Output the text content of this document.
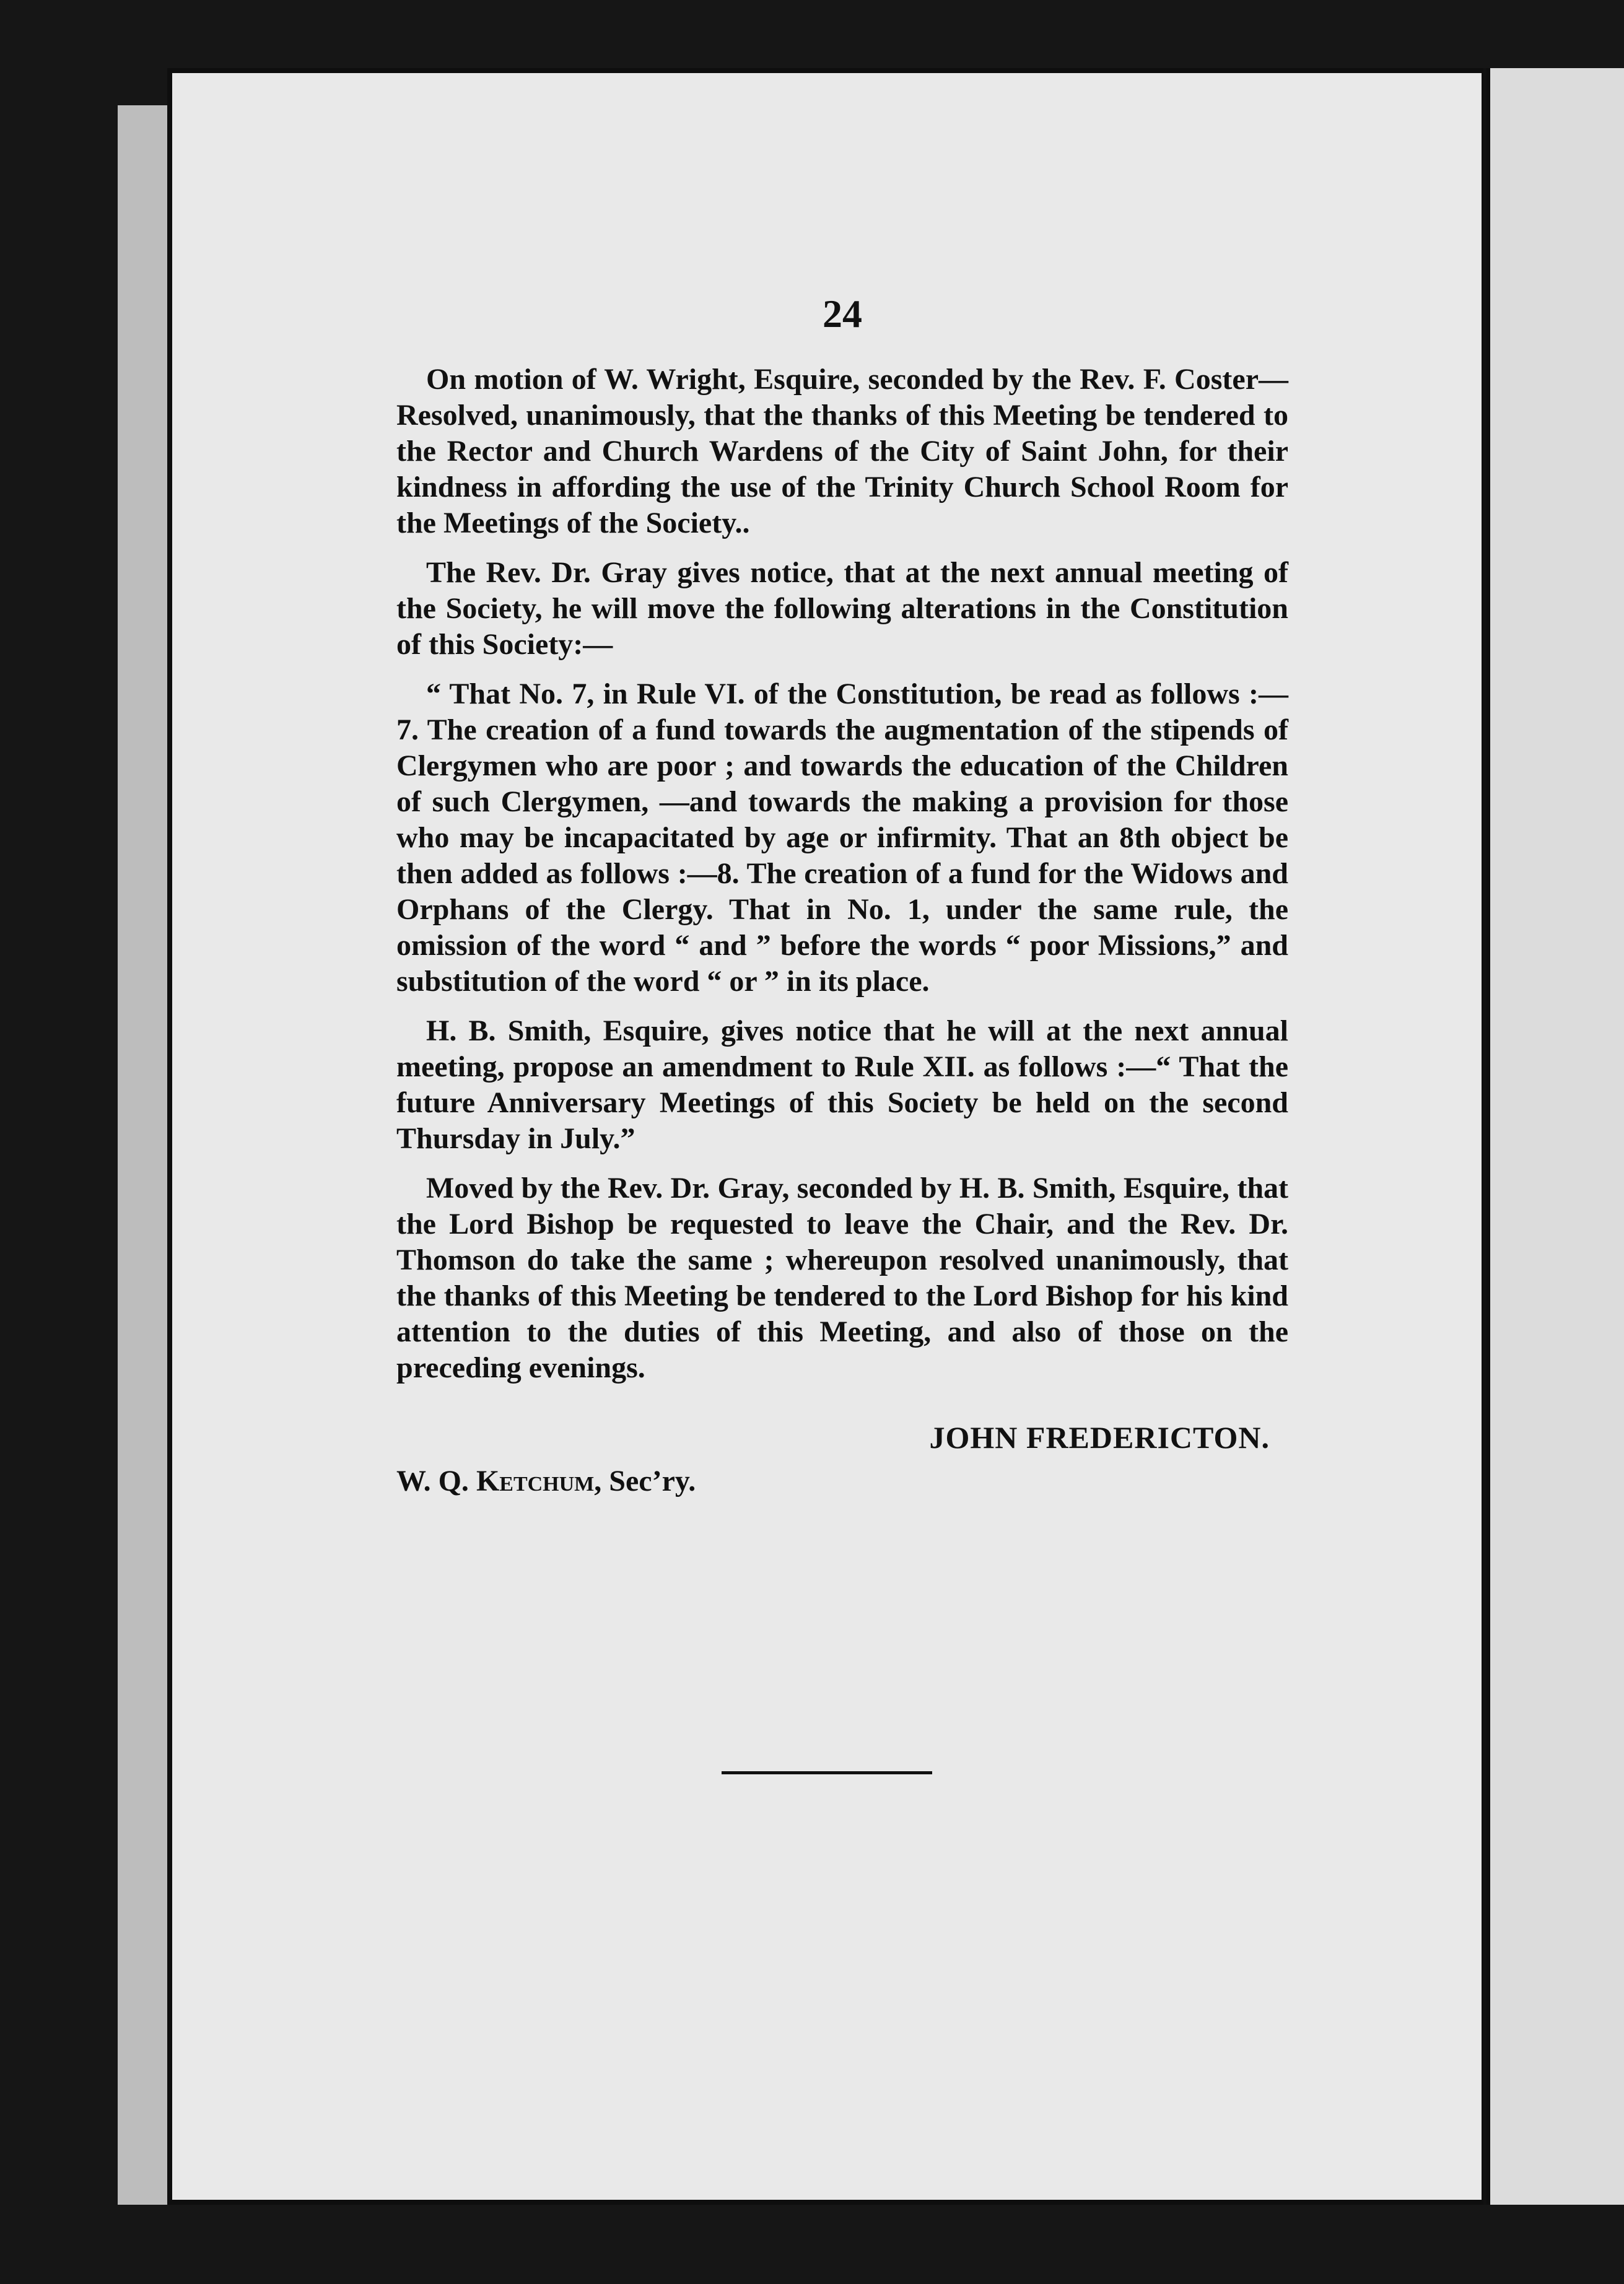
24

On motion of W. Wright, Esquire, seconded by the Rev. F. Coster—Resolved, unanimously, that the thanks of this Meeting be tendered to the Rector and Church Wardens of the City of Saint John, for their kindness in affording the use of the Trinity Church School Room for the Meetings of the Society..

The Rev. Dr. Gray gives notice, that at the next annual meeting of the Society, he will move the following alterations in the Constitution of this Society:—

“ That No. 7, in Rule VI. of the Constitution, be read as follows :—7. The creation of a fund towards the augmentation of the stipends of Clergymen who are poor ; and towards the education of the Children of such Clergymen, —and towards the making a provision for those who may be incapacitated by age or infirmity. That an 8th object be then added as follows :—8. The creation of a fund for the Widows and Orphans of the Clergy. That in No. 1, under the same rule, the omission of the word “ and ” before the words “ poor Missions,” and substitution of the word “ or ” in its place.

H. B. Smith, Esquire, gives notice that he will at the next annual meeting, propose an amendment to Rule XII. as follows :—“ That the future Anniversary Meetings of this Society be held on the second Thursday in July.”

Moved by the Rev. Dr. Gray, seconded by H. B. Smith, Esquire, that the Lord Bishop be requested to leave the Chair, and the Rev. Dr. Thomson do take the same ; whereupon resolved unanimously, that the thanks of this Meeting be tendered to the Lord Bishop for his kind attention to the duties of this Meeting, and also of those on the preceding evenings.

JOHN FREDERICTON.
W. Q. Ketchum, Sec’ry.
